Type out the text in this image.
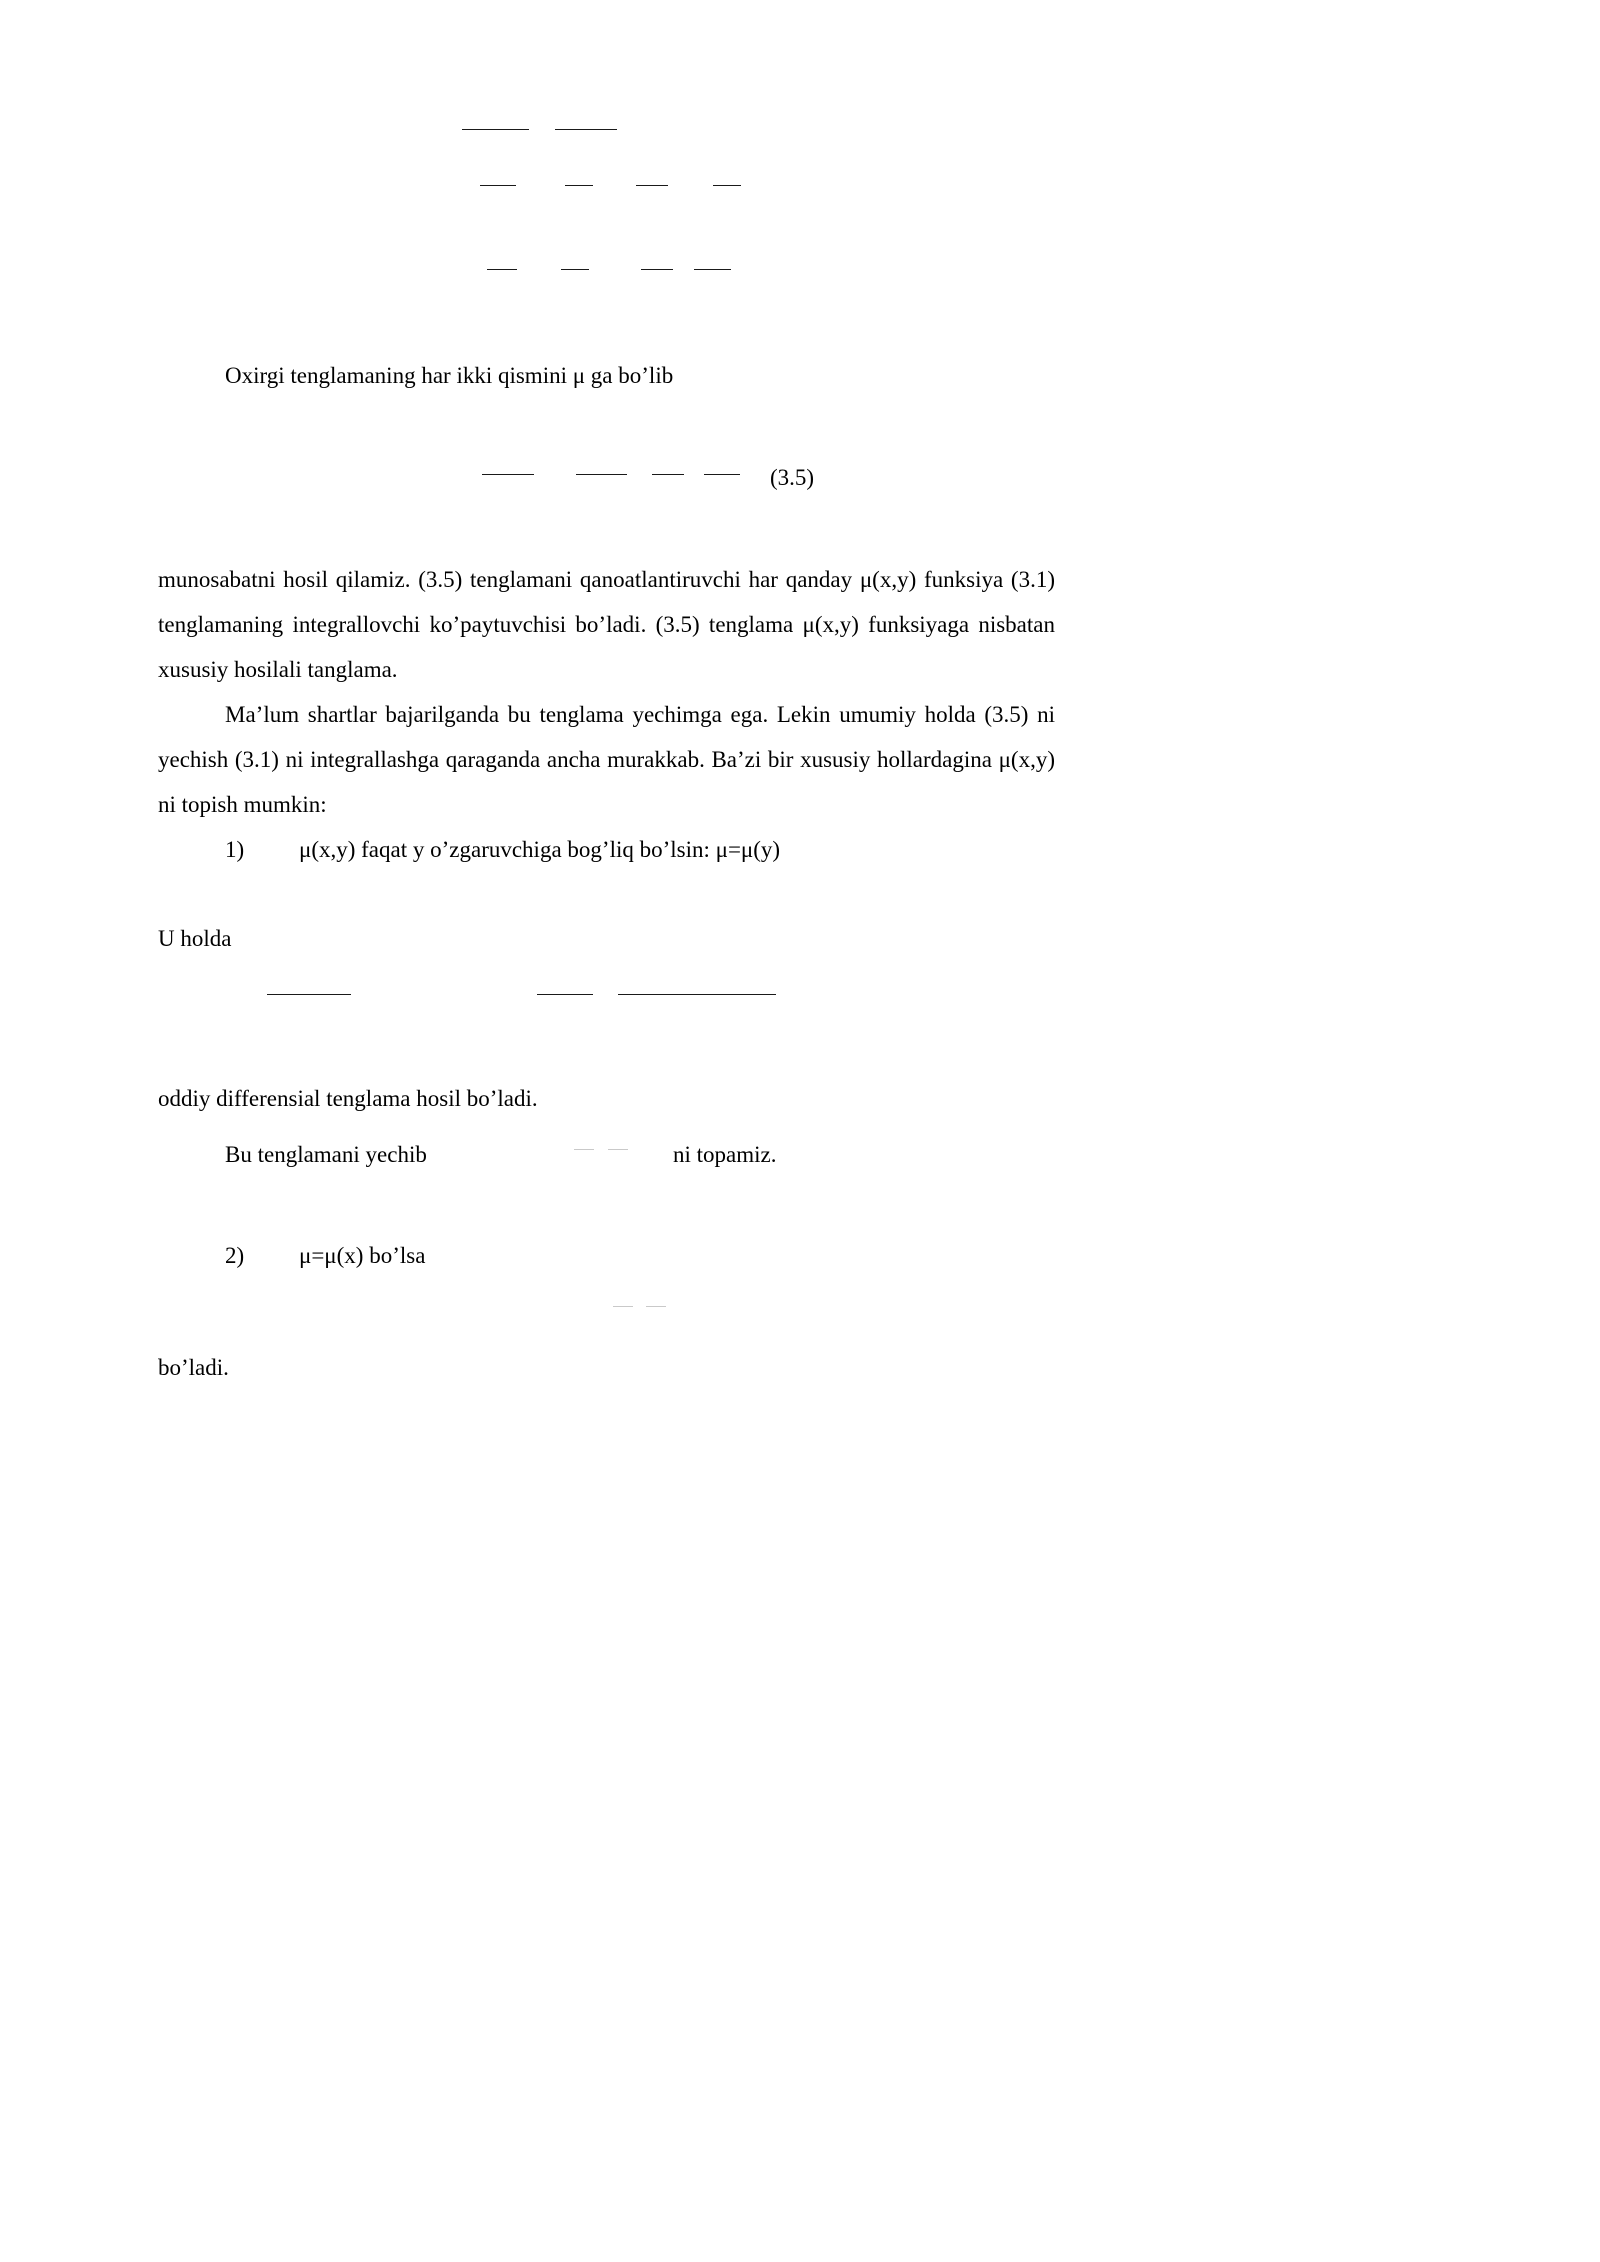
Oxirgi tenglamaning har ikki qismini μ ga bo’lib
(3.5)

munosabatni hosil qilamiz. (3.5) tenglamani qanoatlantiruvchi har qanday μ(x,y) funksiya (3.1) tenglamaning integrallovchi ko’paytuvchisi bo’ladi. (3.5) tenglama μ(x,y) funksiyaga nisbatan xususiy hosilali tanglama.

Ma’lum shartlar bajarilganda bu tenglama yechimga ega. Lekin umumiy holda (3.5) ni yechish (3.1) ni integrallashga qaraganda ancha murakkab. Ba’zi bir xususiy hollardagina μ(x,y) ni topish mumkin:

1) μ(x,y) faqat y o’zgaruvchiga bog’liq bo’lsin: μ=μ(y)
U holda
oddiy differensial tenglama hosil bo’ladi.
Bu tenglamani yechib	ni topamiz.
2) μ=μ(x) bo’lsa
bo’ladi.
